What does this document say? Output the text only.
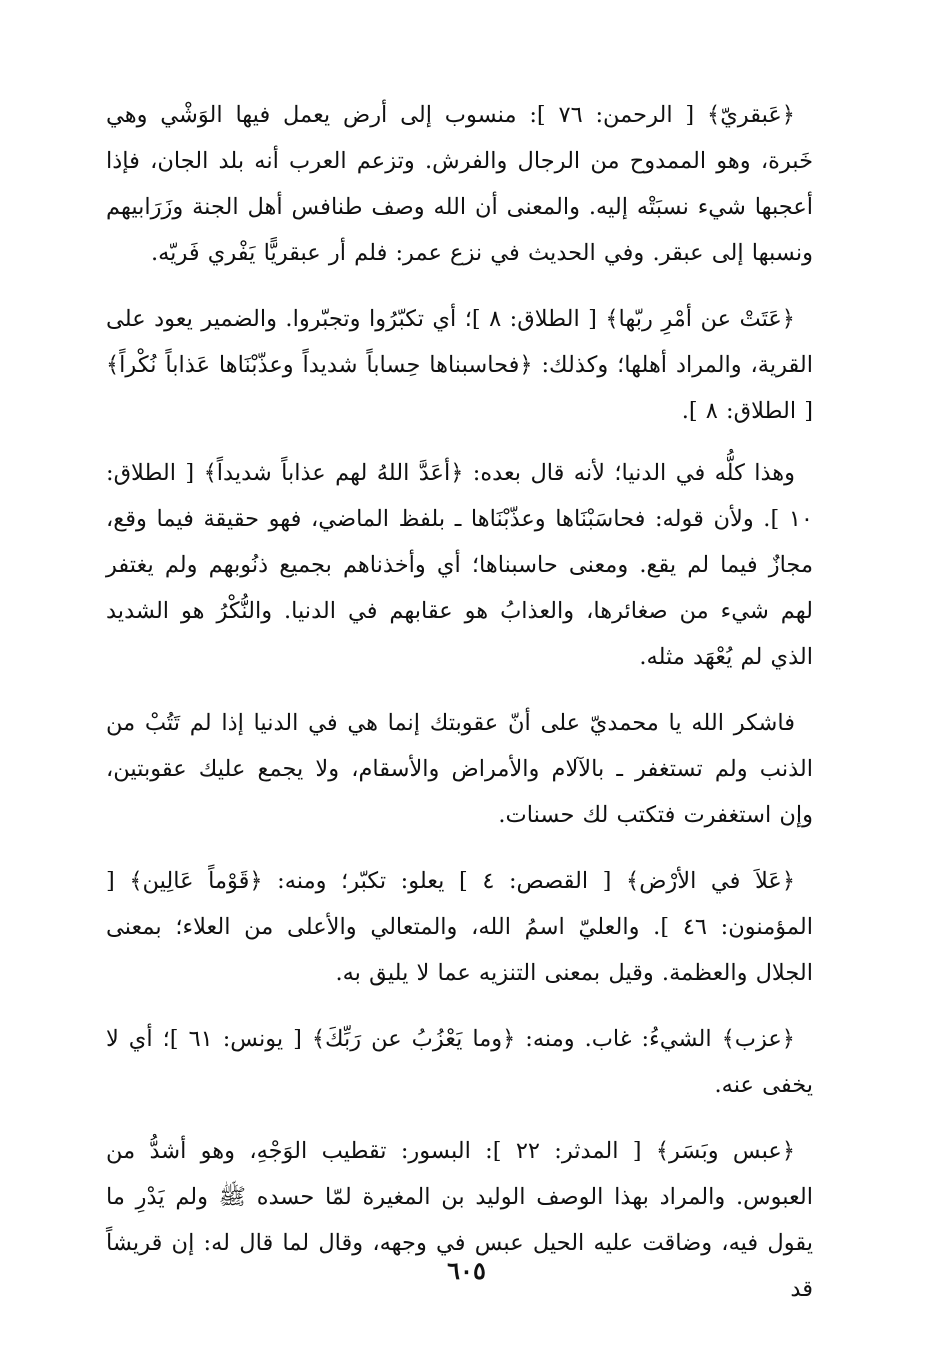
﴿عَبقريّ﴾ [ الرحمن: ٧٦ ]: منسوب إلى أرض يعمل فيها الوَشْي وهي خَبرة، وهو الممدوح من الرجال والفرش. وتزعم العرب أنه بلد الجان، فإذا أعجبها شيء نسبَتْه إليه. والمعنى أن الله وصف طنافس أهل الجنة وزَرَابيهم ونسبها إلى عبقر. وفي الحديث في نزع عمر: فلم أر عبقريًّا يَفْري فَريّه.

﴿عَتَتْ عن أمْرِ ربّها﴾ [ الطلاق: ٨ ]؛ أي تكبّرُوا وتجبّروا. والضمير يعود على القرية، والمراد أهلها؛ وكذلك: ﴿فحاسبناها حِساباً شديداً وعذّبْنَاها عَذاباً نُكْراً﴾ [ الطلاق: ٨ ].

وهذا كلُّه في الدنيا؛ لأنه قال بعده: ﴿أعَدَّ اللهُ لهم عذاباً شديداً﴾ [ الطلاق: ١٠ ]. ولأن قوله: فحاسَبْنَاها وعذّبْنَاها ـ بلفظ الماضي، فهو حقيقة فيما وقع، مجازٌ فيما لم يقع. ومعنى حاسبناها؛ أي وأخذناهم بجميع ذنُوبهم ولم يغتفر لهم شيء من صغائرها، والعذابُ هو عقابهم في الدنيا. والنُّكْرُ هو الشديد الذي لم يُعْهَد مثله.

فاشكر الله يا محمديّ على أنّ عقوبتك إنما هي في الدنيا إذا لم تَتُبْ من الذنب ولم تستغفر ـ بالآلام والأمراض والأسقام، ولا يجمع عليك عقوبتين، وإن استغفرت فتكتب لك حسنات.

﴿عَلاَ في الأرْض﴾ [ القصص: ٤ ] يعلو: تكبّر؛ ومنه: ﴿قَوْماً عَالِين﴾ [ المؤمنون: ٤٦ ]. والعليّ اسمُ الله، والمتعالي والأعلى من العلاء؛ بمعنى الجلال والعظمة. وقيل بمعنى التنزيه عما لا يليق به.

﴿عزب﴾ الشيءُ: غاب. ومنه: ﴿وما يَعْزُبُ عن رَبِّكَ﴾ [ يونس: ٦١ ]؛ أي لا يخفى عنه.

﴿عبس وبَسَر﴾ [ المدثر: ٢٢ ]: البسور: تقطيب الوَجْهِ، وهو أشدُّ من العبوس. والمراد بهذا الوصف الوليد بن المغيرة لمّا حسده ﷺ ولم يَدْرِ ما يقول فيه، وضاقت عليه الحيل عبس في وجهه، وقال لما قال له: إن قريشاً قد

٦٠٥
